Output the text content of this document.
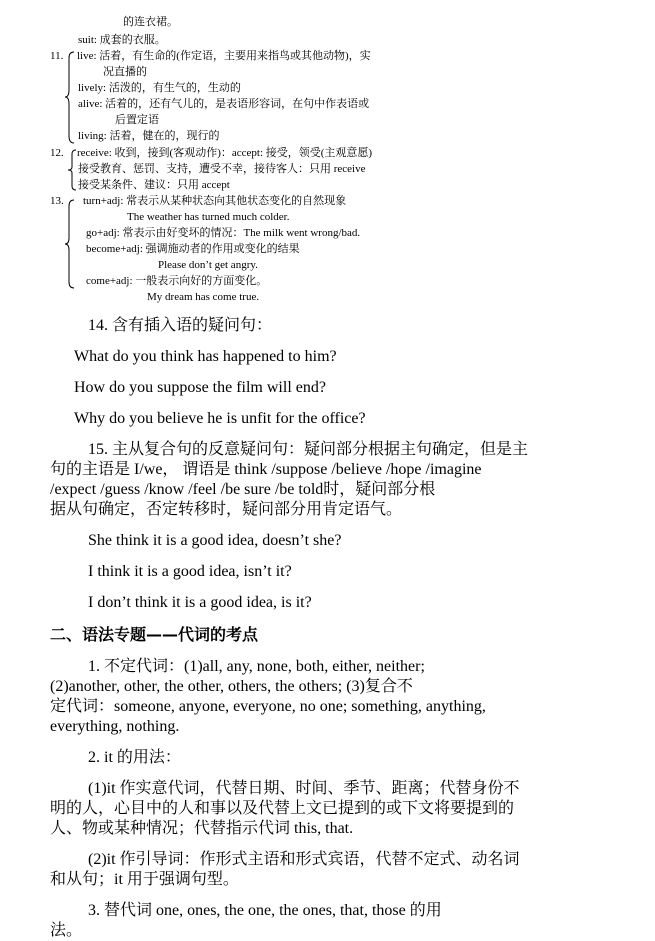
的连衣裙。
suit: 成套的衣服。
11. live: 活着，有生命的(作定语，主要用来指鸟或其他动物)，实
况直播的
lively: 活泼的，有生气的，生动的
alive: 活着的，还有气儿的，是表语形容词，在句中作表语或
后置定语
living: 活着，健在的，现行的
12. receive: 收到，接到(客观动作)：accept: 接受，领受(主观意愿)
接受教育、惩罚、支持，遭受不幸，接待客人：只用 receive
接受某条件、建议：只用 accept
13. turn+adj: 常表示从某种状态向其他状态变化的自然现象
The weather has turned much colder.
go+adj: 常表示由好变坏的情况：The milk went wrong/bad.
become+adj: 强调施动者的作用或变化的结果
Please don’t get angry.
come+adj: 一般表示向好的方面变化。
My dream has come true.
14. 含有插入语的疑问句：
What do you think has happened to him?
How do you suppose the film will end?
Why do you believe he is unfit for the office?
15. 主从复合句的反意疑问句：疑问部分根据主句确定，但是主
句的主语是 I/we， 谓语是 think /suppose /believe /hope /imagine
/expect /guess /know /feel /be sure /be told时，疑问部分根
据从句确定，否定转移时，疑问部分用肯定语气。
She think it is a good idea, doesn’t she?
I think it is a good idea, isn’t it?
I don’t think it is a good idea, is it?
二、语法专题——代词的考点
1. 不定代词：(1)all, any, none, both, either, neither;
(2)another, other, the other, others, the others; (3)复合不
定代词：someone, anyone, everyone, no one; something, anything,
everything, nothing.
2. it 的用法：
(1)it 作实意代词，代替日期、时间、季节、距离；代替身份不
明的人，心目中的人和事以及代替上文已提到的或下文将要提到的
人、物或某种情况；代替指示代词 this, that.
(2)it 作引导词：作形式主语和形式宾语，代替不定式、动名词
和从句；it 用于强调句型。
3. 替代词 one, ones, the one, the ones, that, those 的用
法。
